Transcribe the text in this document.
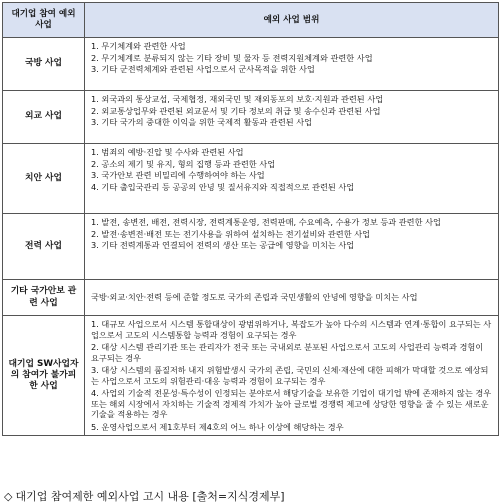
대기업 참여 예외 사업	예외 사업 범위
국방 사업	1. 무기체계와 관련한 사업
2. 무기체계로 분류되지 않는 기타 장비 및 물자 등 전력지원체계와 관련한 사업
3. 기타 군전력체계와 관련된 사업으로서 군사목적을 위한 사업

외교 사업	1. 외국과의 통상교섭, 국제협정, 재외국민 및 재외동포의 보호·지원과 관련된 사업
2. 외교통상업무와 관련된 외교문서 및 기타 정보의 취급 및 송수신과 관련된 사업
3. 기타 국가의 중대한 이익을 위한 국제적 활동과 관련된 사업

치안 사업	1. 범죄의 예방·진압 및 수사와 관련된 사업
2. 공소의 제기 및 유지, 형의 집행 등과 관련한 사업
3. 국가안보 관련 비밀리에 수행하여야 하는 사업
4. 기타 출입국관리 등 공공의 안녕 및 질서유지와 직접적으로 관련된 사업

전력 사업	1. 발전, 송변전, 배전, 전력시장, 전력계통운영, 전력판매, 수요예측, 수용가 정보 등과 관련한 사업
2. 발전·송변전·배전 또는 전기사용을 위하여 설치하는 전기설비와 관련한 사업
3. 기타 전력계통과 연결되어 전력의 생산 또는 공급에 영향을 미치는 사업

기타 국가안보 관련 사업	국방·외교·치안·전력 등에 준할 정도로 국가의 존립과 국민생활의 안녕에 영향을 미치는 사업

대기업 SW사업자의 참여가 불가피한 사업	1. 대규모 사업으로서 시스템 통합대상이 광범위하거나, 복잡도가 높아 다수의 시스템과 연계·통합이 요구되는 사업으로서 고도의 시스템통합 능력과 경험이 요구되는 경우
2. 대상 시스템 관리기관 또는 관리자가 전국 또는 국내외로 분포된 사업으로서 고도의 사업관리 능력과 경험이 요구되는 경우
3. 대상 시스템의 품질저하 내지 위험발생시 국가의 존립, 국민의 신체·재산에 대한 피해가 막대할 것으로 예상되는 사업으로서 고도의 위험관리·대응 능력과 경험이 요구되는 경우
4. 사업의 기술적 전문성·특수성이 인정되는 분야로서 해당기술을 보유한 기업이 대기업 밖에 존재하지 않는 경우 또는 해외 시장에서 자치하는 기술적 경제적 가치가 높아 글로벌 경쟁력 제고에 상당한 영향을 줄 수 있는 새로운 기술을 적용하는 경우
5. 운영사업으로서 제1호부터 제4호의 어느 하나 이상에 해당하는 경우
◇ 대기업 참여제한 예외사업 고시 내용 [출처=지식경제부]
